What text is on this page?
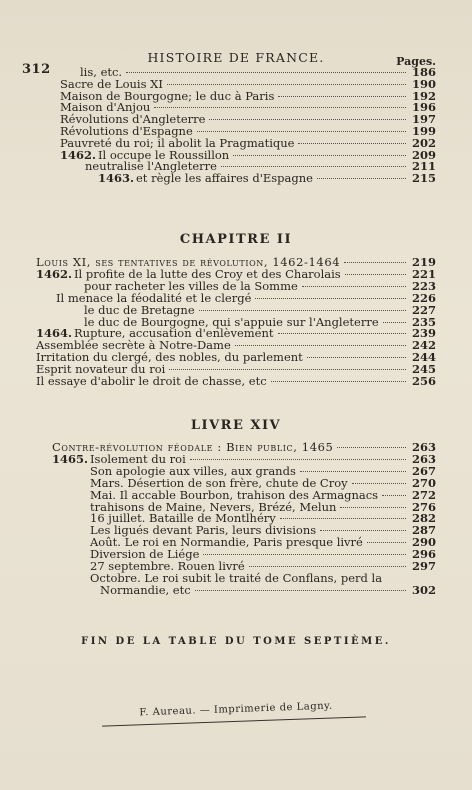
312
HISTOIRE DE FRANCE.	Pages.
lis, etc.	186
Sacre de Louis XI	190
Maison de Bourgogne; le duc à Paris	192
Maison d'Anjou	196
Révolutions d'Angleterre	197
Révolutions d'Espagne	199
Pauvreté du roi; il abolit la Pragmatique	202
1462. Il occupe le Roussillon	209
neutralise l'Angleterre	211
1463. et règle les affaires d'Espagne	215
CHAPITRE II
Louis XI, ses tentatives de révolution, 1462-1464	219
1462. Il profite de la lutte des Croy et des Charolais	221
pour racheter les villes de la Somme	223
Il menace la féodalité et le clergé	226
le duc de Bretagne	227
le duc de Bourgogne, qui s'appuie sur l'Angleterre	235
1464. Rupture, accusation d'enlèvement	239
Assemblée secrète à Notre-Dame	242
Irritation du clergé, des nobles, du parlement	244
Esprit novateur du roi	245
Il essaye d'abolir le droit de chasse, etc	256
LIVRE XIV
Contre-révolution féodale : Bien public, 1465	263
1465. Isolement du roi	263
Son apologie aux villes, aux grands	267
Mars. Désertion de son frère, chute de Croy	270
Mai. Il accable Bourbon, trahison des Armagnacs	272
trahisons de Maine, Nevers, Brézé, Melun	276
16 juillet. Bataille de Montlhéry	282
Les ligués devant Paris, leurs divisions	287
Août. Le roi en Normandie, Paris presque livré	290
Diversion de Liége	296
27 septembre. Rouen livré	297
Octobre. Le roi subit le traité de Conflans, perd la
Normandie, etc	302
FIN DE LA TABLE DU TOME SEPTIÈME.
F. Aureau. — Imprimerie de Lagny.
